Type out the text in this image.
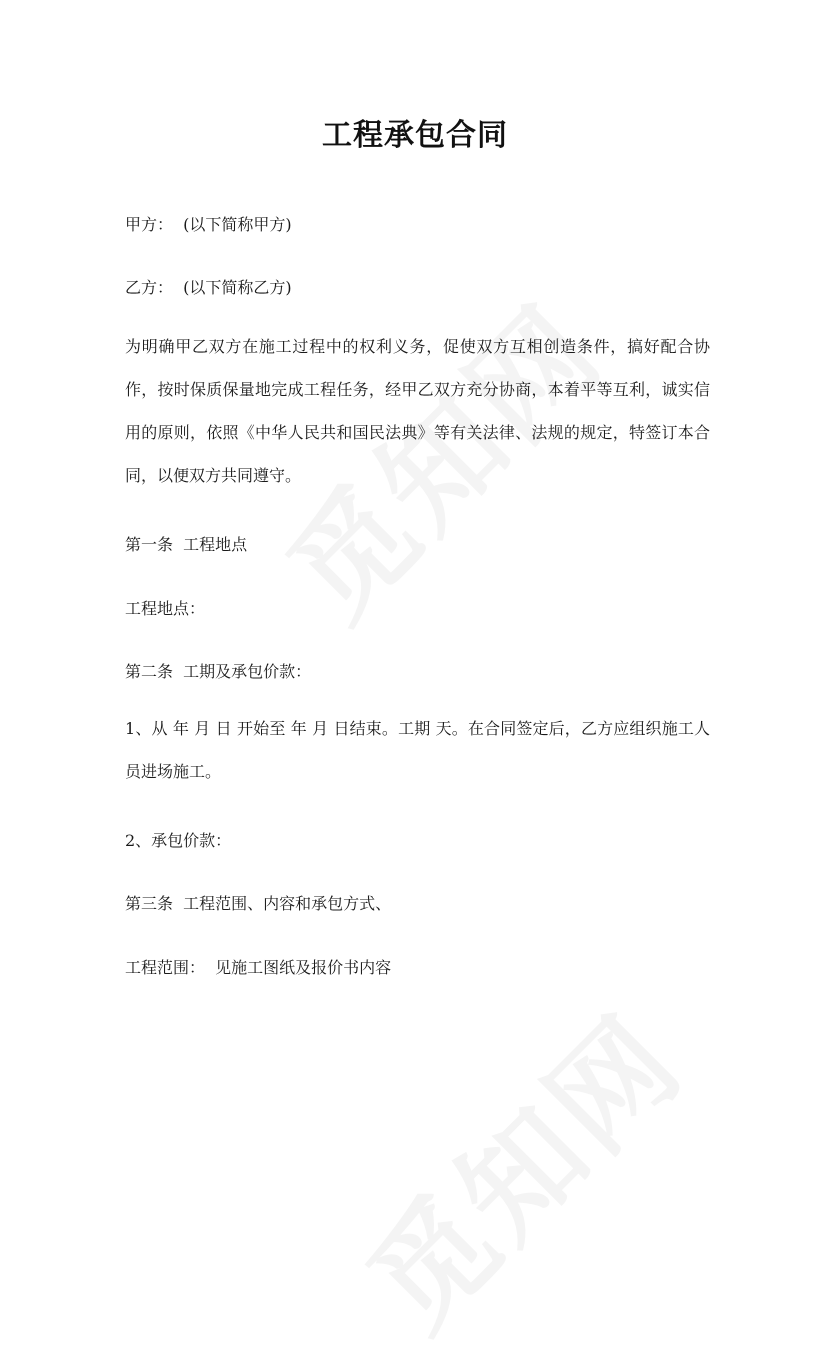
工程承包合同
甲方：  (以下简称甲方)
乙方：  (以下简称乙方)
为明确甲乙双方在施工过程中的权利义务，促使双方互相创造条件，搞好配合协作，按时保质保量地完成工程任务，经甲乙双方充分协商，本着平等互利，诚实信用的原则，依照《中华人民共和国民法典》等有关法律、法规的规定，特签订本合同，以便双方共同遵守。
第一条  工程地点
工程地点：
第二条  工期及承包价款：
1、从 年 月 日 开始至 年 月 日结束。工期 天。在合同签定后，乙方应组织施工人员进场施工。
2、承包价款：
第三条  工程范围、内容和承包方式、
工程范围：  见施工图纸及报价书内容
